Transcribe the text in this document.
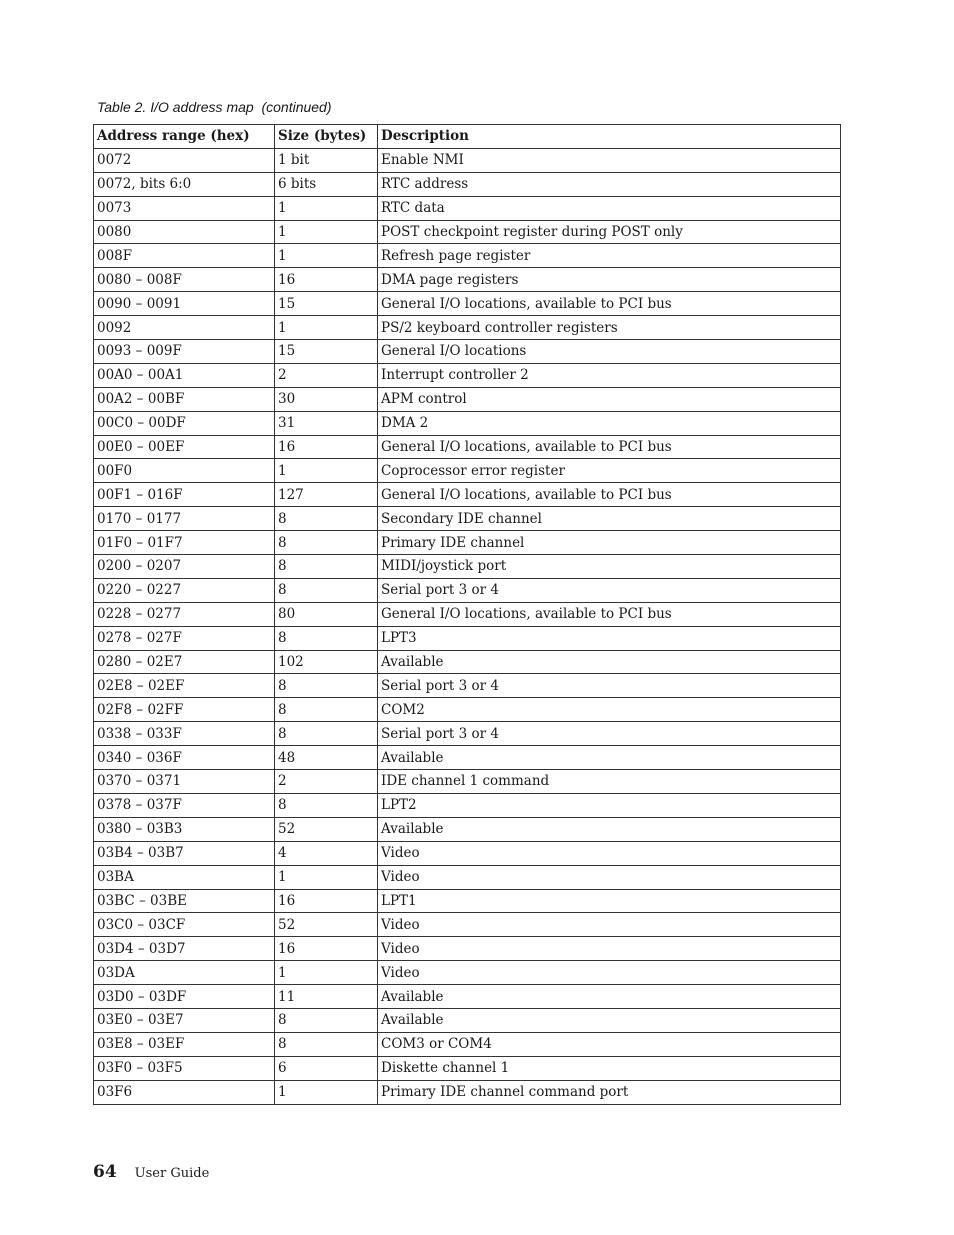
Table 2. I/O address map  (continued)
Address range (hex)	Size (bytes)	Description
0072	1 bit	Enable NMI
0072, bits 6:0	6 bits	RTC address
0073	1	RTC data
0080	1	POST checkpoint register during POST only
008F	1	Refresh page register
0080 – 008F	16	DMA page registers
0090 – 0091	15	General I/O locations, available to PCI bus
0092	1	PS/2 keyboard controller registers
0093 – 009F	15	General I/O locations
00A0 – 00A1	2	Interrupt controller 2
00A2 – 00BF	30	APM control
00C0 – 00DF	31	DMA 2
00E0 – 00EF	16	General I/O locations, available to PCI bus
00F0	1	Coprocessor error register
00F1 – 016F	127	General I/O locations, available to PCI bus
0170 – 0177	8	Secondary IDE channel
01F0 – 01F7	8	Primary IDE channel
0200 – 0207	8	MIDI/joystick port
0220 – 0227	8	Serial port 3 or 4
0228 – 0277	80	General I/O locations, available to PCI bus
0278 – 027F	8	LPT3
0280 – 02E7	102	Available
02E8 – 02EF	8	Serial port 3 or 4
02F8 – 02FF	8	COM2
0338 – 033F	8	Serial port 3 or 4
0340 – 036F	48	Available
0370 – 0371	2	IDE channel 1 command
0378 – 037F	8	LPT2
0380 – 03B3	52	Available
03B4 – 03B7	4	Video
03BA	1	Video
03BC – 03BE	16	LPT1
03C0 – 03CF	52	Video
03D4 – 03D7	16	Video
03DA	1	Video
03D0 – 03DF	11	Available
03E0 – 03E7	8	Available
03E8 – 03EF	8	COM3 or COM4
03F0 – 03F5	6	Diskette channel 1
03F6	1	Primary IDE channel command port
64 User Guide
